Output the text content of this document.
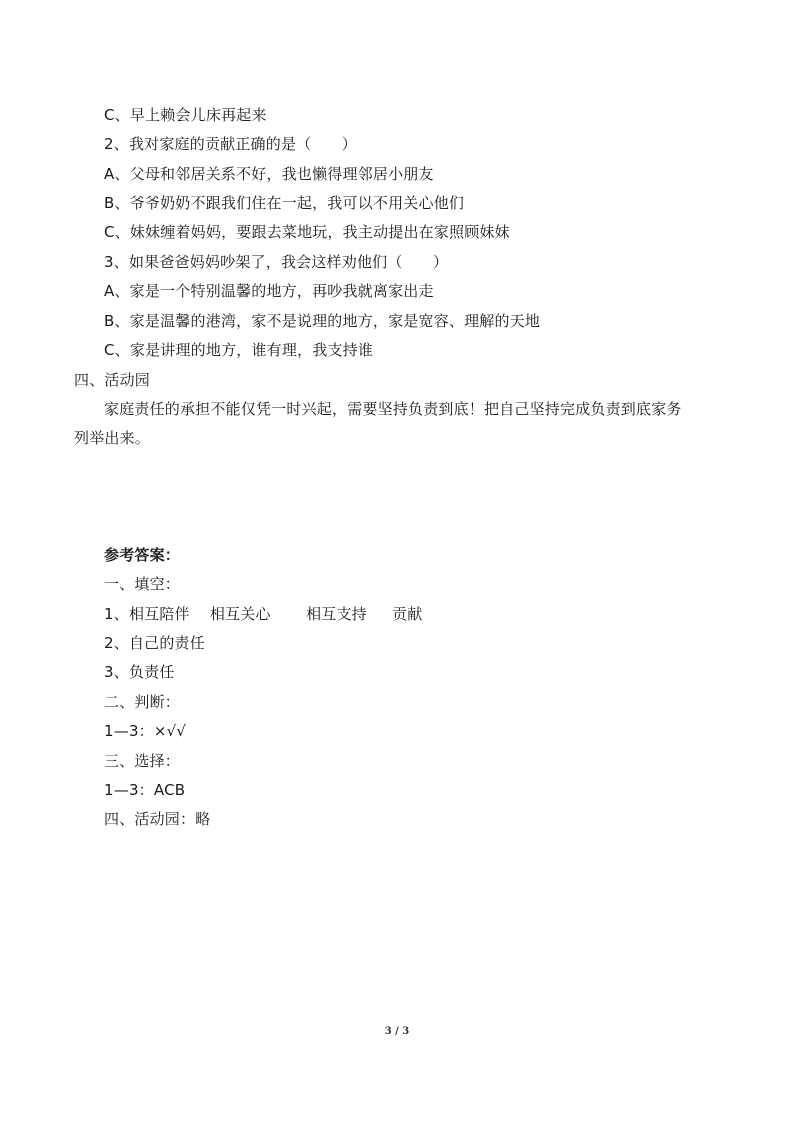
C、早上赖会儿床再起来
2、我对家庭的贡献正确的是（　　）
A、父母和邻居关系不好，我也懒得理邻居小朋友
B、爷爷奶奶不跟我们住在一起，我可以不用关心他们
C、妹妹缠着妈妈，要跟去菜地玩，我主动提出在家照顾妹妹
3、如果爸爸妈妈吵架了，我会这样劝他们（　　）
A、家是一个特别温馨的地方，再吵我就离家出走
B、家是温馨的港湾，家不是说理的地方，家是宽容、理解的天地
C、家是讲理的地方，谁有理，我支持谁
四、活动园
家庭责任的承担不能仅凭一时兴起，需要坚持负责到底！把自己坚持完成负责到底家务
列举出来。
参考答案：
一、填空：
1、相互陪伴　 相互关心 　　相互支持 　 贡献
2、自己的责任
3、负责任
二、判断：
1—3：×√√
三、选择：
1—3：ACB
四、活动园：略
3 / 3
